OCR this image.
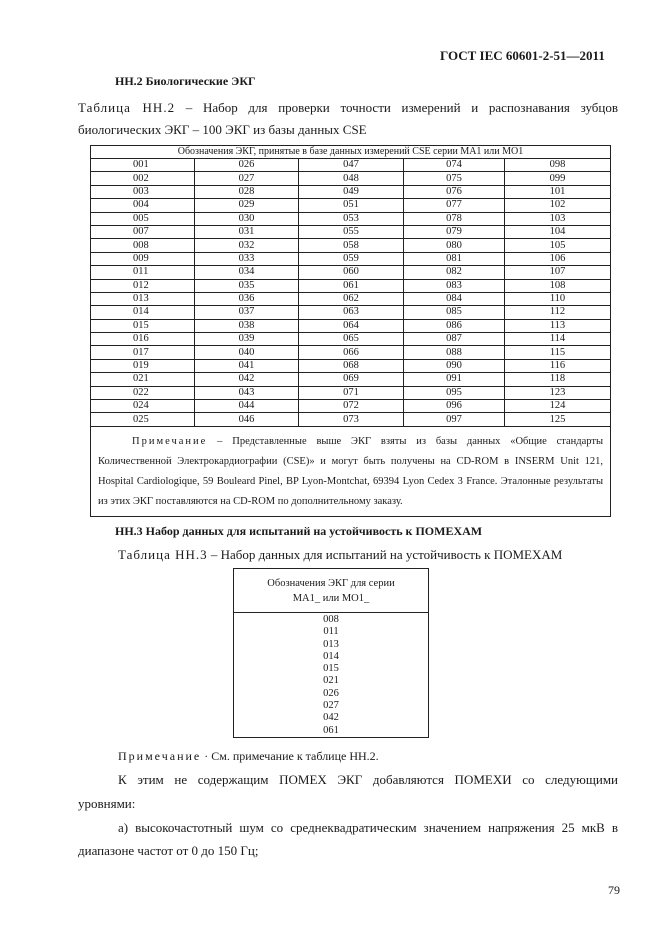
ГОСТ IEC 60601-2-51—2011
НН.2 Биологические ЭКГ
Таблица НН.2 – Набор для проверки точности измерений и распознавания зубцов
биологических ЭКГ – 100 ЭКГ из базы данных CSE
Обозначения ЭКГ, принятые в базе данных измерений CSE серии МА1 или МО1				
001	026	047	074	098
002	027	048	075	099
003	028	049	076	101
004	029	051	077	102
005	030	053	078	103
007	031	055	079	104
008	032	058	080	105
009	033	059	081	106
011	034	060	082	107
012	035	061	083	108
013	036	062	084	110
014	037	063	085	112
015	038	064	086	113
016	039	065	087	114
017	040	066	088	115
019	041	068	090	116
021	042	069	091	118
022	043	071	095	123
024	044	072	096	124
025	046	073	097	125
Примечание – Представленные выше ЭКГ взяты из базы данных «Общие стандарты Количественной Электрокардиографии (CSE)» и могут быть получены на CD-ROM в INSERM Unit 121, Hospital Cardiologique, 59 Bouleard Pinel, BP Lyon-Montchat, 69394 Lyon Cedex 3 France. Эталонные результаты из этих ЭКГ поставляются на CD-ROM по дополнительному заказу.				
НН.3 Набор данных для испытаний на устойчивость к ПОМЕХАМ
Таблица НН.3 – Набор данных для испытаний на устойчивость к ПОМЕХАМ
Обозначения ЭКГ для серии
МА1_ или МО1_
008
011
013
014
015
021
026
027
042
061
Примечание · См. примечание к таблице НН.2.
К этим не содержащим ПОМЕХ ЭКГ добавляются ПОМЕХИ со следующими
уровнями:
а) высокочастотный шум со среднеквадратическим значением напряжения 25 мкВ в
диапазоне частот от 0 до 150 Гц;
79
